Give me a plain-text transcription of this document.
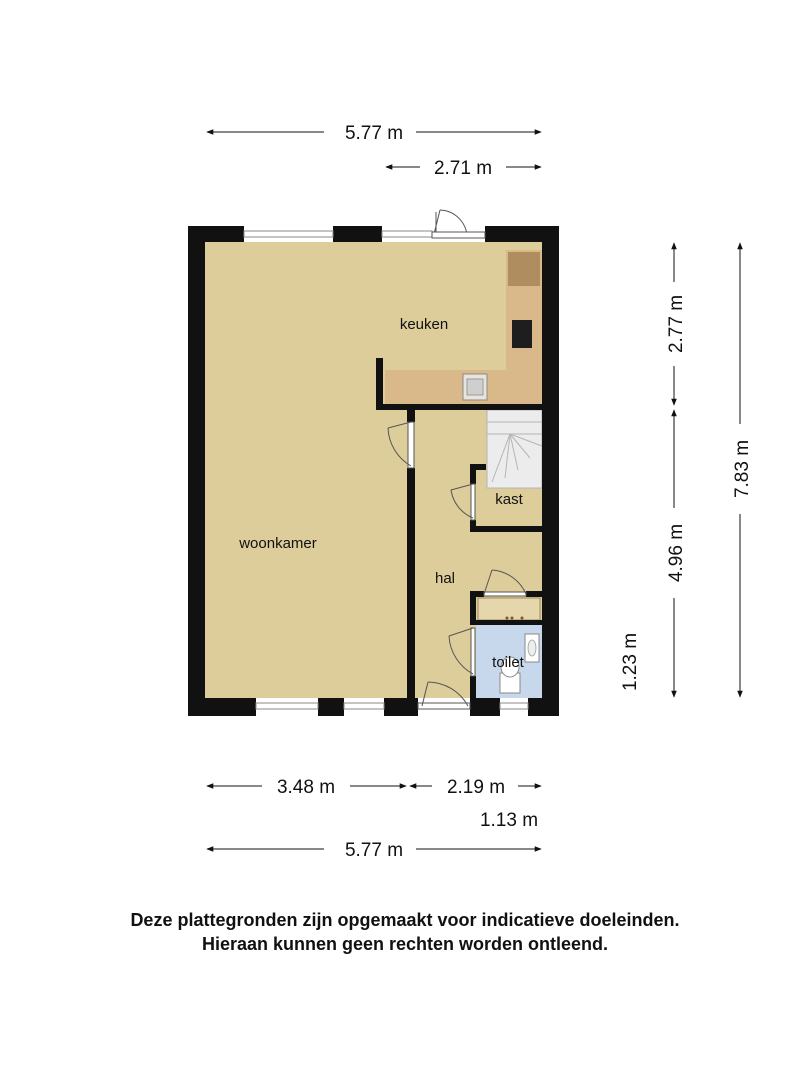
woonkamer
keuken
hal
kast
toilet
5.77 m
2.71 m
2.77 m
4.96 m
7.83 m
1.23 m
3.48 m	2.19 m
1.13 m
5.77 m
Deze plattegronden zijn opgemaakt voor indicatieve doeleinden.
Hieraan kunnen geen rechten worden ontleend.
